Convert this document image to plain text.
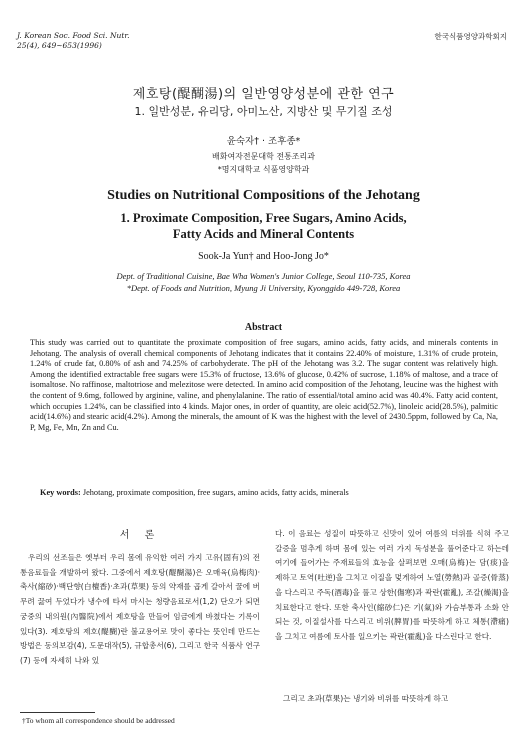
J. Korean Soc. Food Sci. Nutr.
25(4), 649~653(1996)
한국식품영양과학회지
제호탕(醍醐湯)의 일반영양성분에 관한 연구
1. 일반성분, 유리당, 아미노산, 지방산 및 무기질 조성
윤숙자† · 조후종*
배화여자전문대학 전통조리과
*명지대학교 식품영양학과
Studies on Nutritional Compositions of the Jehotang
1. Proximate Composition, Free Sugars, Amino Acids,
Fatty Acids and Mineral Contents
Sook-Ja Yun† and Hoo-Jong Jo*
Dept. of Traditional Cuisine, Bae Wha Women's Junior College, Seoul 110-735, Korea
*Dept. of Foods and Nutrition, Myung Ji University, Kyonggido 449-728, Korea
Abstract
This study was carried out to quantitate the proximate composition of free sugars, amino acids, fatty acids, and minerals contents in Jehotang. The analysis of overall chemical components of Jehotang indicates that it contains 22.40% of moisture, 1.31% of crude protein, 1.24% of crude fat, 0.80% of ash and 74.25% of carbohyderate. The pH of the Jehotang was 3.2. The sugar content was relatively high. Among the identified extractable free sugars were 15.3% of fructose, 13.6% of glucose, 0.42% of sucrose, 1.18% of maltose, and a trace of isomaltose. No raffinose, maltotriose and melezitose were detected. In amino acid composition of the Jehotang, leucine was the highest with the content of 9.6mg, followed by arginine, valine, and phenylalanine. The ratio of essential/total amino acid was 40.4%. Fatty acid content, which occupies 1.24%, can be classified into 4 kinds. Major ones, in order of quantity, are oleic acid(52.7%), linoleic acid(28.5%), palmitic acid(14.6%) and stearic acid(4.2%). Among the minerals, the amount of K was the highest with the level of 2430.5ppm, followed by Ca, Na, P, Mg, Fe, Mn, Zn and Cu.
Key words: Jehotang, proximate composition, free sugars, amino acids, fatty acids, minerals
서 론
우리의 선조들은 옛부터 우리 몸에 유익한 여러 가지 고유(固有)의 전통음료들을 개발하여 왔다. 그중에서 제호탕(醍醐湯)은 오매육(烏梅肉)·축사(縮砂)·백단향(白檀香)·초과(草果) 등의 약재를 곱게 갈아서 꿀에 버무려 끓여 두었다가 냉수에 타서 마시는 청량음료로서(1,2) 단오가 되면 궁중의 내의원(內醫院)에서 제호탕을 만들어 임금에게 바쳤다는 기록이 있다(3). 제호탕의 제호(醍醐)란 불교용어로 맛이 좋다는 뜻인데 만드는 방법은 동의보감(4), 도문대작(5), 규합총서(6), 그리고 한국 식품사 연구(7) 등에 자세히 나와 있
다. 이 음료는 성질이 따뜻하고 신맛이 있어 여름의 더위를 식혀 주고 갈증을 멈추게 하며 몸에 있는 여러 가지 독성분을 풀어준다고 하는데 여기에 들어가는 주재료들의 효능을 살펴보면 오매(烏梅)는 담(痰)을 제하고 토역(吐逆)을 그치고 이질을 멎게하여 노열(勞熱)과 골증(骨蒸)을 다스리고 주독(酒毒)을 풀고 상한(傷寒)과 곽란(霍亂), 조갈(燥渴)을 치료한다고 한다. 또한 축사인(縮砂仁)은 기(氣)와 가슴부통과 소화 안되는 것, 이질설사를 다스리고 비위(脾胃)를 따뜻하게 하고 체통(滯痛)을 그치고 여름에 토사를 일으키는 곽란(霍亂)을 다스린다고 한다.
그리고 초과(草果)는 냉기와 비위를 따뜻하게 하고
†To whom all correspondence should be addressed
